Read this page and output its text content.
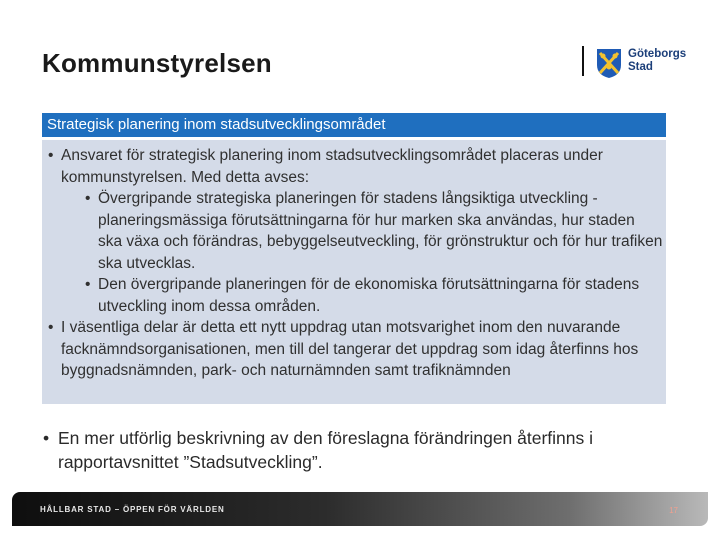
Kommunstyrelsen	Göteborgs
Stad
Strategisk planering inom stadsutvecklingsområdet

• Ansvaret för strategisk planering inom stadsutvecklingsområdet placeras under kommunstyrelsen. Med detta avses:

• Övergripande strategiska planeringen för stadens långsiktiga utveckling - planeringsmässiga förutsättningarna för hur marken ska användas, hur staden ska växa och förändras, bebyggelseutveckling, för grönstruktur och för hur trafiken ska utvecklas.

• Den övergripande planeringen för de ekonomiska förutsättningarna för stadens utveckling inom dessa områden.

• I väsentliga delar är detta ett nytt uppdrag utan motsvarighet inom den nuvarande facknämndsorganisationen, men till del tangerar det uppdrag som idag återfinns hos byggnadsnämnden, park- och naturnämnden samt trafiknämnden

• En mer utförlig beskrivning av den föreslagna förändringen återfinns i rapportavsnittet ”Stadsutveckling”.
HÅLLBAR STAD – ÖPPEN FÖR VÄRLDEN	17
